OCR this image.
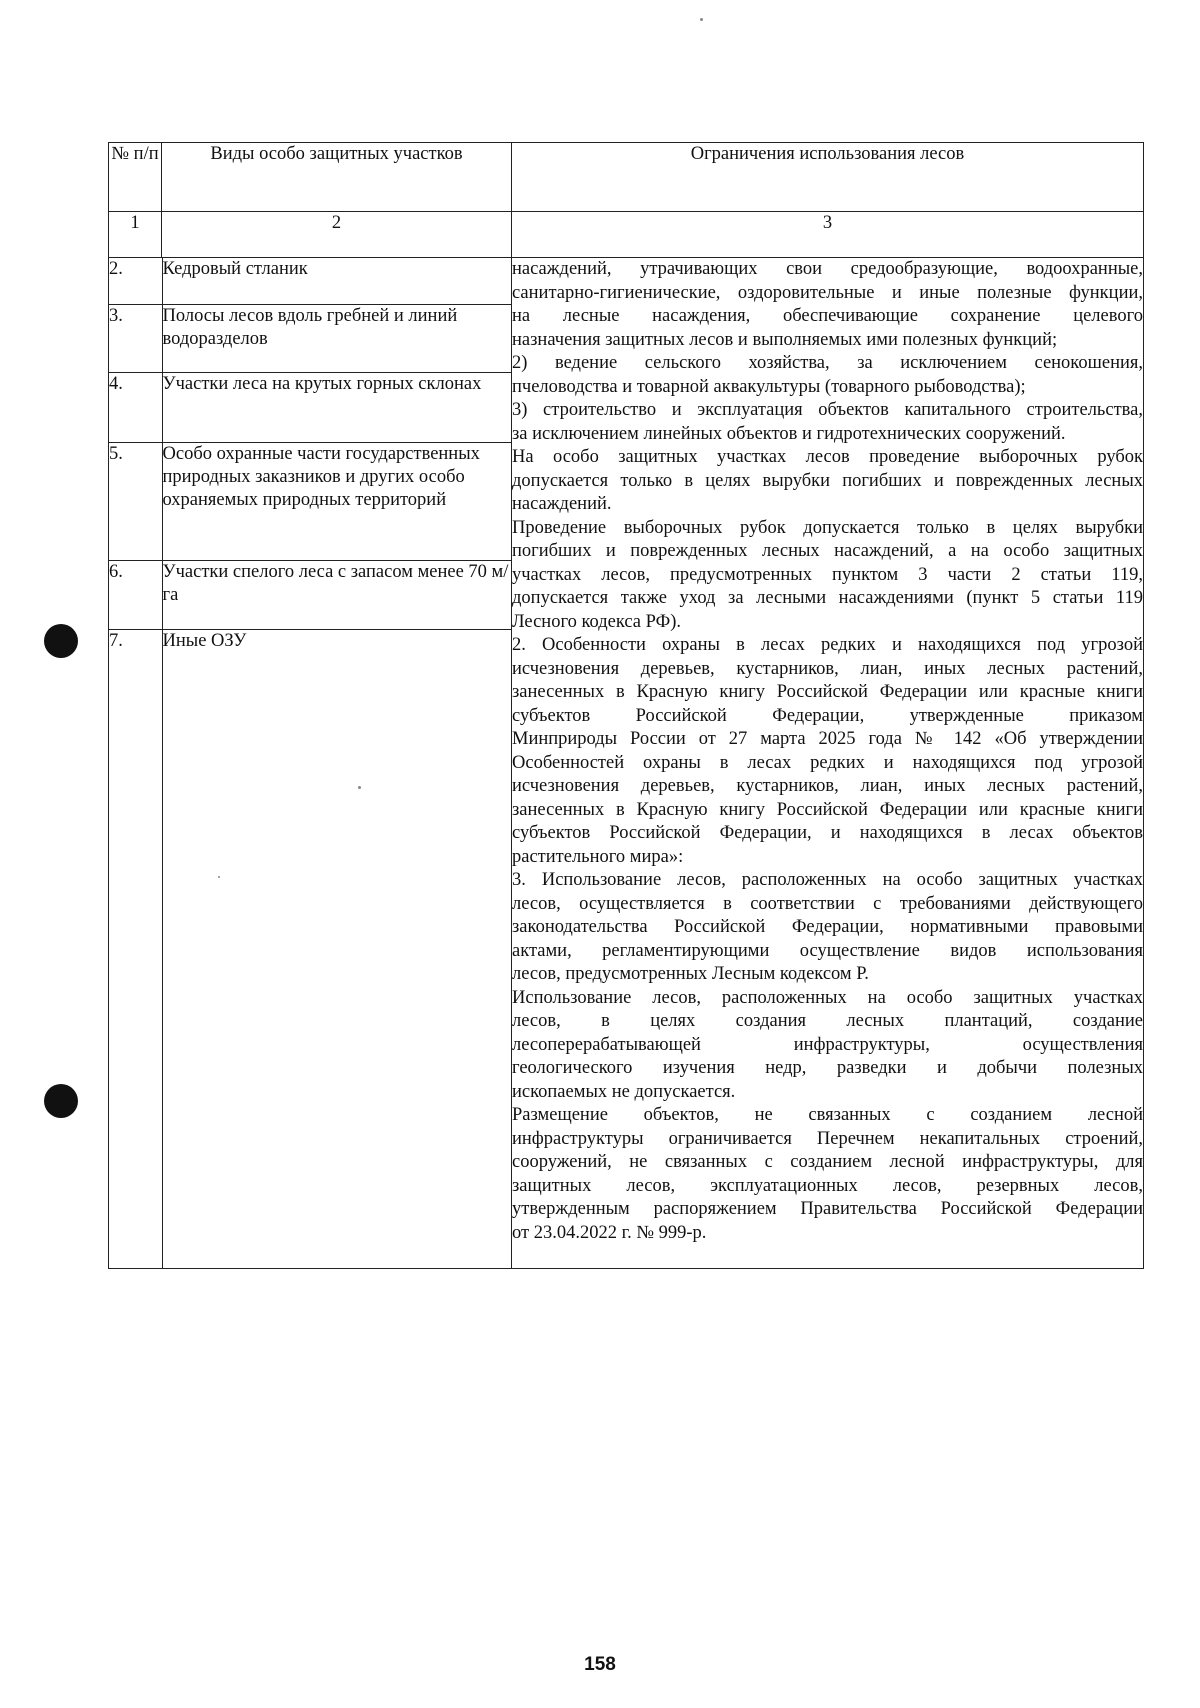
№ п/п	Виды особо защитных участков	Ограничения использования лесов
1	2	3

2.	Кедровый стланик
3.	Полосы лесов вдоль гребней и линий водоразделов
4.	Участки леса на крутых горных склонах
5.	Особо охранные части государственных природных заказников и других особо охраняемых природных территорий
6.	Участки спелого леса с запасом менее 70 м/га
7.	Иные ОЗУ

насаждений, утрачивающих свои средообразующие, водоохранные,
санитарно-гигиенические, оздоровительные и иные полезные функции,
на лесные насаждения, обеспечивающие сохранение целевого
назначения защитных лесов и выполняемых ими полезных функций;
2) ведение сельского хозяйства, за исключением сенокошения,
пчеловодства и товарной аквакультуры (товарного рыбоводства);
3) строительство и эксплуатация объектов капитального строительства,
за исключением линейных объектов и гидротехнических сооружений.
На особо защитных участках лесов проведение выборочных рубок
допускается только в целях вырубки погибших и поврежденных лесных
насаждений.
Проведение выборочных рубок допускается только в целях вырубки
погибших и поврежденных лесных насаждений, а на особо защитных
участках лесов, предусмотренных пунктом 3 части 2 статьи 119,
допускается также уход за лесными насаждениями (пункт 5 статьи 119
Лесного кодекса РФ).
2. Особенности охраны в лесах редких и находящихся под угрозой
исчезновения деревьев, кустарников, лиан, иных лесных растений,
занесенных в Красную книгу Российской Федерации или красные книги
субъектов Российской Федерации, утвержденные приказом
Минприроды России от 27 марта 2025 года № 142 «Об утверждении
Особенностей охраны в лесах редких и находящихся под угрозой
исчезновения деревьев, кустарников, лиан, иных лесных растений,
занесенных в Красную книгу Российской Федерации или красные книги
субъектов Российской Федерации, и находящихся в лесах объектов
растительного мира»:
3. Использование лесов, расположенных на особо защитных участках
лесов, осуществляется в соответствии с требованиями действующего
законодательства Российской Федерации, нормативными правовыми
актами, регламентирующими осуществление видов использования
лесов, предусмотренных Лесным кодексом Р.
Использование лесов, расположенных на особо защитных участках
лесов, в целях создания лесных плантаций, создание
лесоперерабатывающей инфраструктуры, осуществления
геологического изучения недр, разведки и добычи полезных
ископаемых не допускается.
Размещение объектов, не связанных с созданием лесной
инфраструктуры ограничивается Перечнем некапитальных строений,
сооружений, не связанных с созданием лесной инфраструктуры, для
защитных лесов, эксплуатационных лесов, резервных лесов,
утвержденным распоряжением Правительства Российской Федерации
от 23.04.2022 г. № 999-р.
158
